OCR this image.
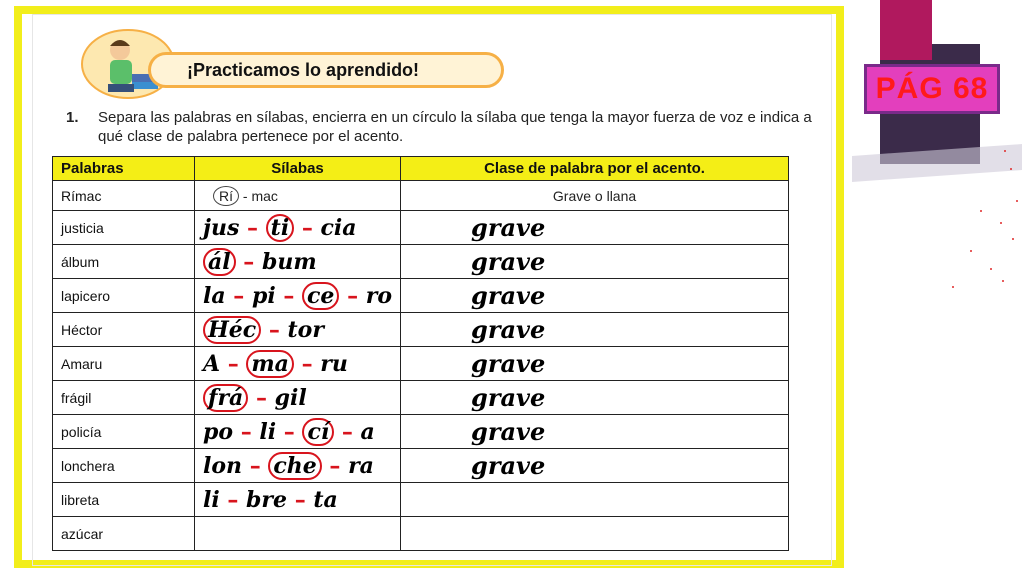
PÁG 68
¡Practicamos lo aprendido!
1. Separa las palabras en sílabas, encierra en un círculo la sílaba que tenga la mayor fuerza de voz e indica a qué clase de palabra pertenece por el acento.
Palabras	Sílabas	Clase de palabra por el acento.
Rímac	Rí - mac	Grave o llana
justicia	jus – ti – cia	grave
álbum	ál – bum	grave
lapicero	la – pi – ce – ro	grave
Héctor	Héc – tor	grave
Amaru	A – ma – ru	grave
frágil	frá – gil	grave
policía	po – li – cí – a	grave
lonchera	lon – che – ra	grave
libreta	li – bre – ta	
azúcar		
